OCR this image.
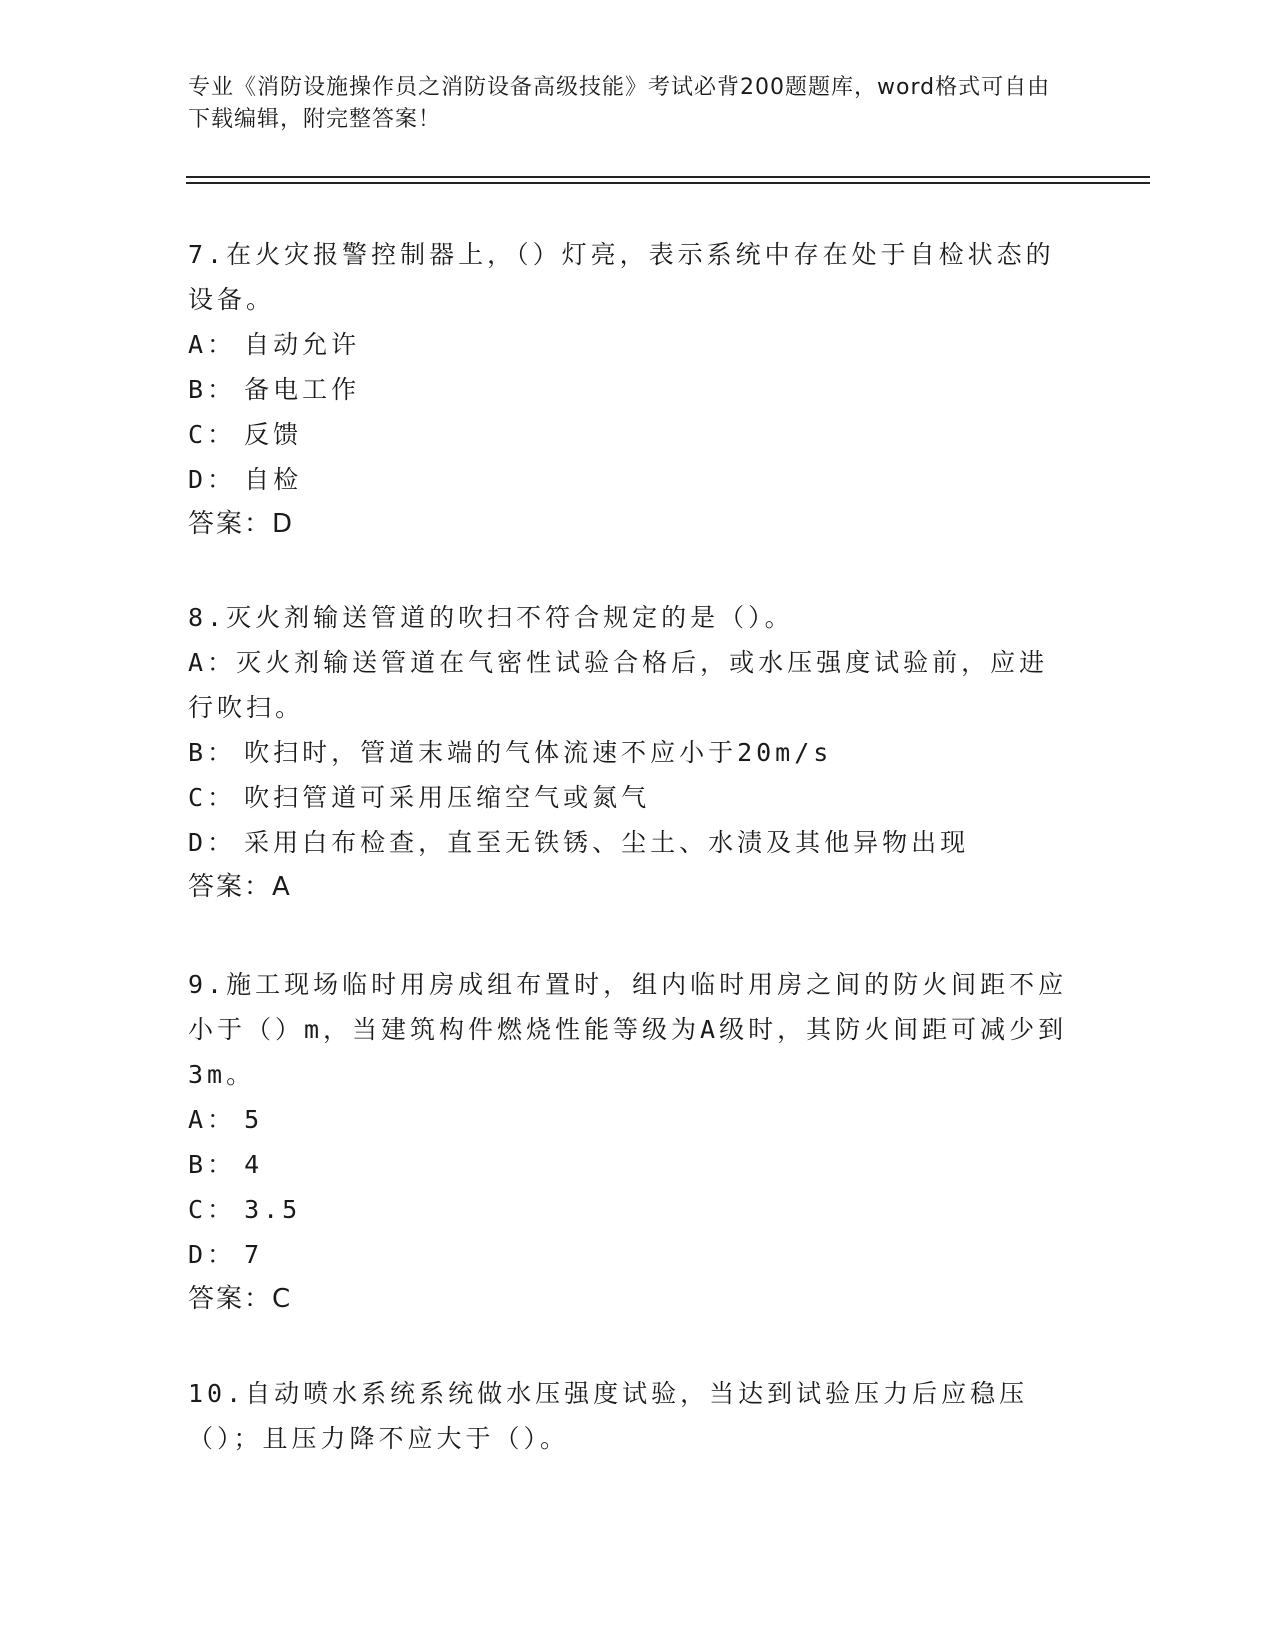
专业《消防设施操作员之消防设备高级技能》考试必背200题题库，word格式可自由下载编辑，附完整答案！

7.在火灾报警控制器上，（）灯亮，表示系统中存在处于自检状态的设备。

A： 自动允许

B： 备电工作

C： 反馈

D： 自检

答案：D

8.灭火剂输送管道的吹扫不符合规定的是（）。

A：灭火剂输送管道在气密性试验合格后，或水压强度试验前，应进行吹扫。

B： 吹扫时，管道末端的气体流速不应小于20m/s

C： 吹扫管道可采用压缩空气或氮气

D： 采用白布检查，直至无铁锈、尘土、水渍及其他异物出现

答案：A

9.施工现场临时用房成组布置时，组内临时用房之间的防火间距不应小于（）m，当建筑构件燃烧性能等级为A级时，其防火间距可减少到3m。

A： 5

B： 4

C： 3.5

D： 7

答案：C

10.自动喷水系统系统做水压强度试验，当达到试验压力后应稳压（）；且压力降不应大于（）。
